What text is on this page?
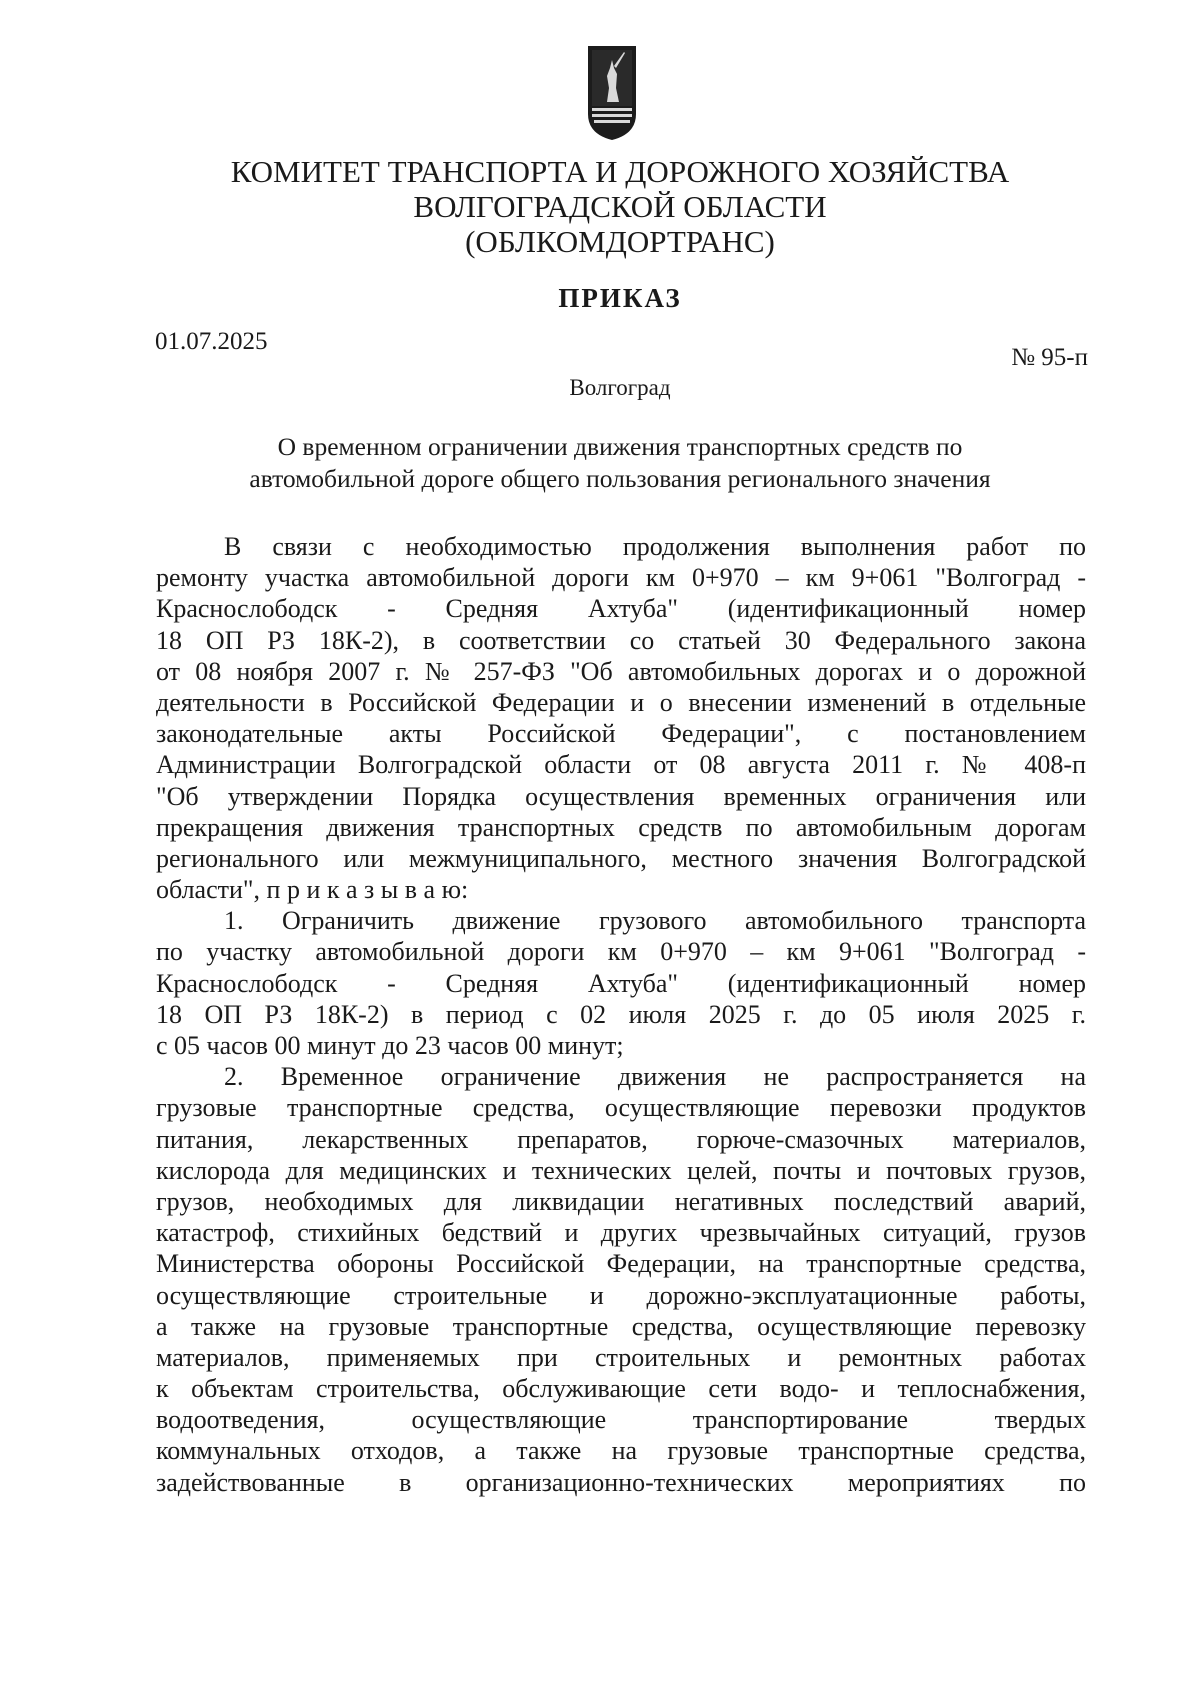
КОМИТЕТ ТРАНСПОРТА И ДОРОЖНОГО ХОЗЯЙСТВА
ВОЛГОГРАДСКОЙ ОБЛАСТИ
(ОБЛКОМДОРТРАНС)
ПРИКАЗ
01.07.2025
№ 95-п
Волгоград
О временном ограничении движения транспортных средств по
автомобильной дороге общего пользования регионального значения
В связи с необходимостью продолжения выполнения работ по
ремонту участка автомобильной дороги км 0+970 – км 9+061 "Волгоград -
Краснослободск - Средняя Ахтуба" (идентификационный номер
18 ОП РЗ 18К-2), в соответствии со статьей 30 Федерального закона
от 08 ноября 2007 г. № 257-ФЗ "Об автомобильных дорогах и о дорожной
деятельности в Российской Федерации и о внесении изменений в отдельные
законодательные акты Российской Федерации", с постановлением
Администрации Волгоградской области от 08 августа 2011 г. № 408-п
"Об утверждении Порядка осуществления временных ограничения или
прекращения движения транспортных средств по автомобильным дорогам
регионального или межмуниципального, местного значения Волгоградской
области", п р и к а з ы в а ю:
1. Ограничить движение грузового автомобильного транспорта
по участку автомобильной дороги км 0+970 – км 9+061 "Волгоград -
Краснослободск - Средняя Ахтуба" (идентификационный номер
18 ОП РЗ 18К-2) в период с 02 июля 2025 г. до 05 июля 2025 г.
с 05 часов 00 минут до 23 часов 00 минут;
2. Временное ограничение движения не распространяется на
грузовые транспортные средства, осуществляющие перевозки продуктов
питания, лекарственных препаратов, горюче-смазочных материалов,
кислорода для медицинских и технических целей, почты и почтовых грузов,
грузов, необходимых для ликвидации негативных последствий аварий,
катастроф, стихийных бедствий и других чрезвычайных ситуаций, грузов
Министерства обороны Российской Федерации, на транспортные средства,
осуществляющие строительные и дорожно-эксплуатационные работы,
а также на грузовые транспортные средства, осуществляющие перевозку
материалов, применяемых при строительных и ремонтных работах
к объектам строительства, обслуживающие сети водо- и теплоснабжения,
водоотведения, осуществляющие транспортирование твердых
коммунальных отходов, а также на грузовые транспортные средства,
задействованные в организационно-технических мероприятиях по
